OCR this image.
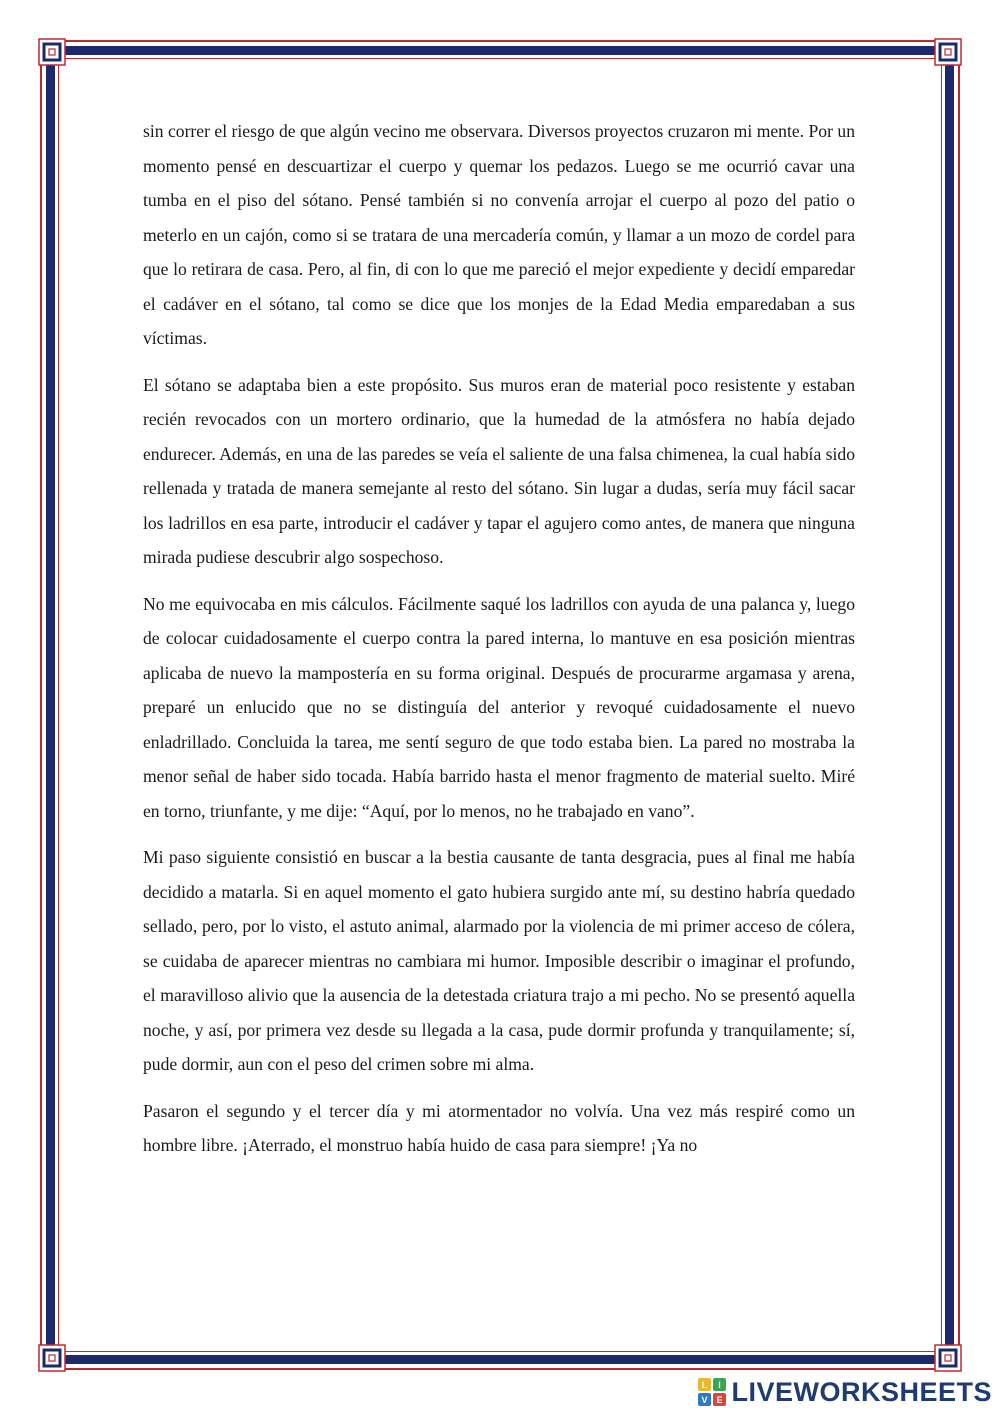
sin correr el riesgo de que algún vecino me observara. Diversos proyectos cruzaron mi mente. Por un momento pensé en descuartizar el cuerpo y quemar los pedazos. Luego se me ocurrió cavar una tumba en el piso del sótano. Pensé también si no convenía arrojar el cuerpo al pozo del patio o meterlo en un cajón, como si se tratara de una mercadería común, y llamar a un mozo de cordel para que lo retirara de casa. Pero, al fin, di con lo que me pareció el mejor expediente y decidí emparedar el cadáver en el sótano, tal como se dice que los monjes de la Edad Media emparedaban a sus víctimas.

El sótano se adaptaba bien a este propósito. Sus muros eran de material poco resistente y estaban recién revocados con un mortero ordinario, que la humedad de la atmósfera no había dejado endurecer. Además, en una de las paredes se veía el saliente de una falsa chimenea, la cual había sido rellenada y tratada de manera semejante al resto del sótano. Sin lugar a dudas, sería muy fácil sacar los ladrillos en esa parte, introducir el cadáver y tapar el agujero como antes, de manera que ninguna mirada pudiese descubrir algo sospechoso.

No me equivocaba en mis cálculos. Fácilmente saqué los ladrillos con ayuda de una palanca y, luego de colocar cuidadosamente el cuerpo contra la pared interna, lo mantuve en esa posición mientras aplicaba de nuevo la mampostería en su forma original. Después de procurarme argamasa y arena, preparé un enlucido que no se distinguía del anterior y revoqué cuidadosamente el nuevo enladrillado. Concluida la tarea, me sentí seguro de que todo estaba bien. La pared no mostraba la menor señal de haber sido tocada. Había barrido hasta el menor fragmento de material suelto. Miré en torno, triunfante, y me dije: “Aquí, por lo menos, no he trabajado en vano”.

Mi paso siguiente consistió en buscar a la bestia causante de tanta desgracia, pues al final me había decidido a matarla. Si en aquel momento el gato hubiera surgido ante mí, su destino habría quedado sellado, pero, por lo visto, el astuto animal, alarmado por la violencia de mi primer acceso de cólera, se cuidaba de aparecer mientras no cambiara mi humor. Imposible describir o imaginar el profundo, el maravilloso alivio que la ausencia de la detestada criatura trajo a mi pecho. No se presentó aquella noche, y así, por primera vez desde su llegada a la casa, pude dormir profunda y tranquilamente; sí, pude dormir, aun con el peso del crimen sobre mi alma.

Pasaron el segundo y el tercer día y mi atormentador no volvía. Una vez más respiré como un hombre libre. ¡Aterrado, el monstruo había huido de casa para siempre! ¡Ya no

L I
V E LIVEWORKSHEETS
